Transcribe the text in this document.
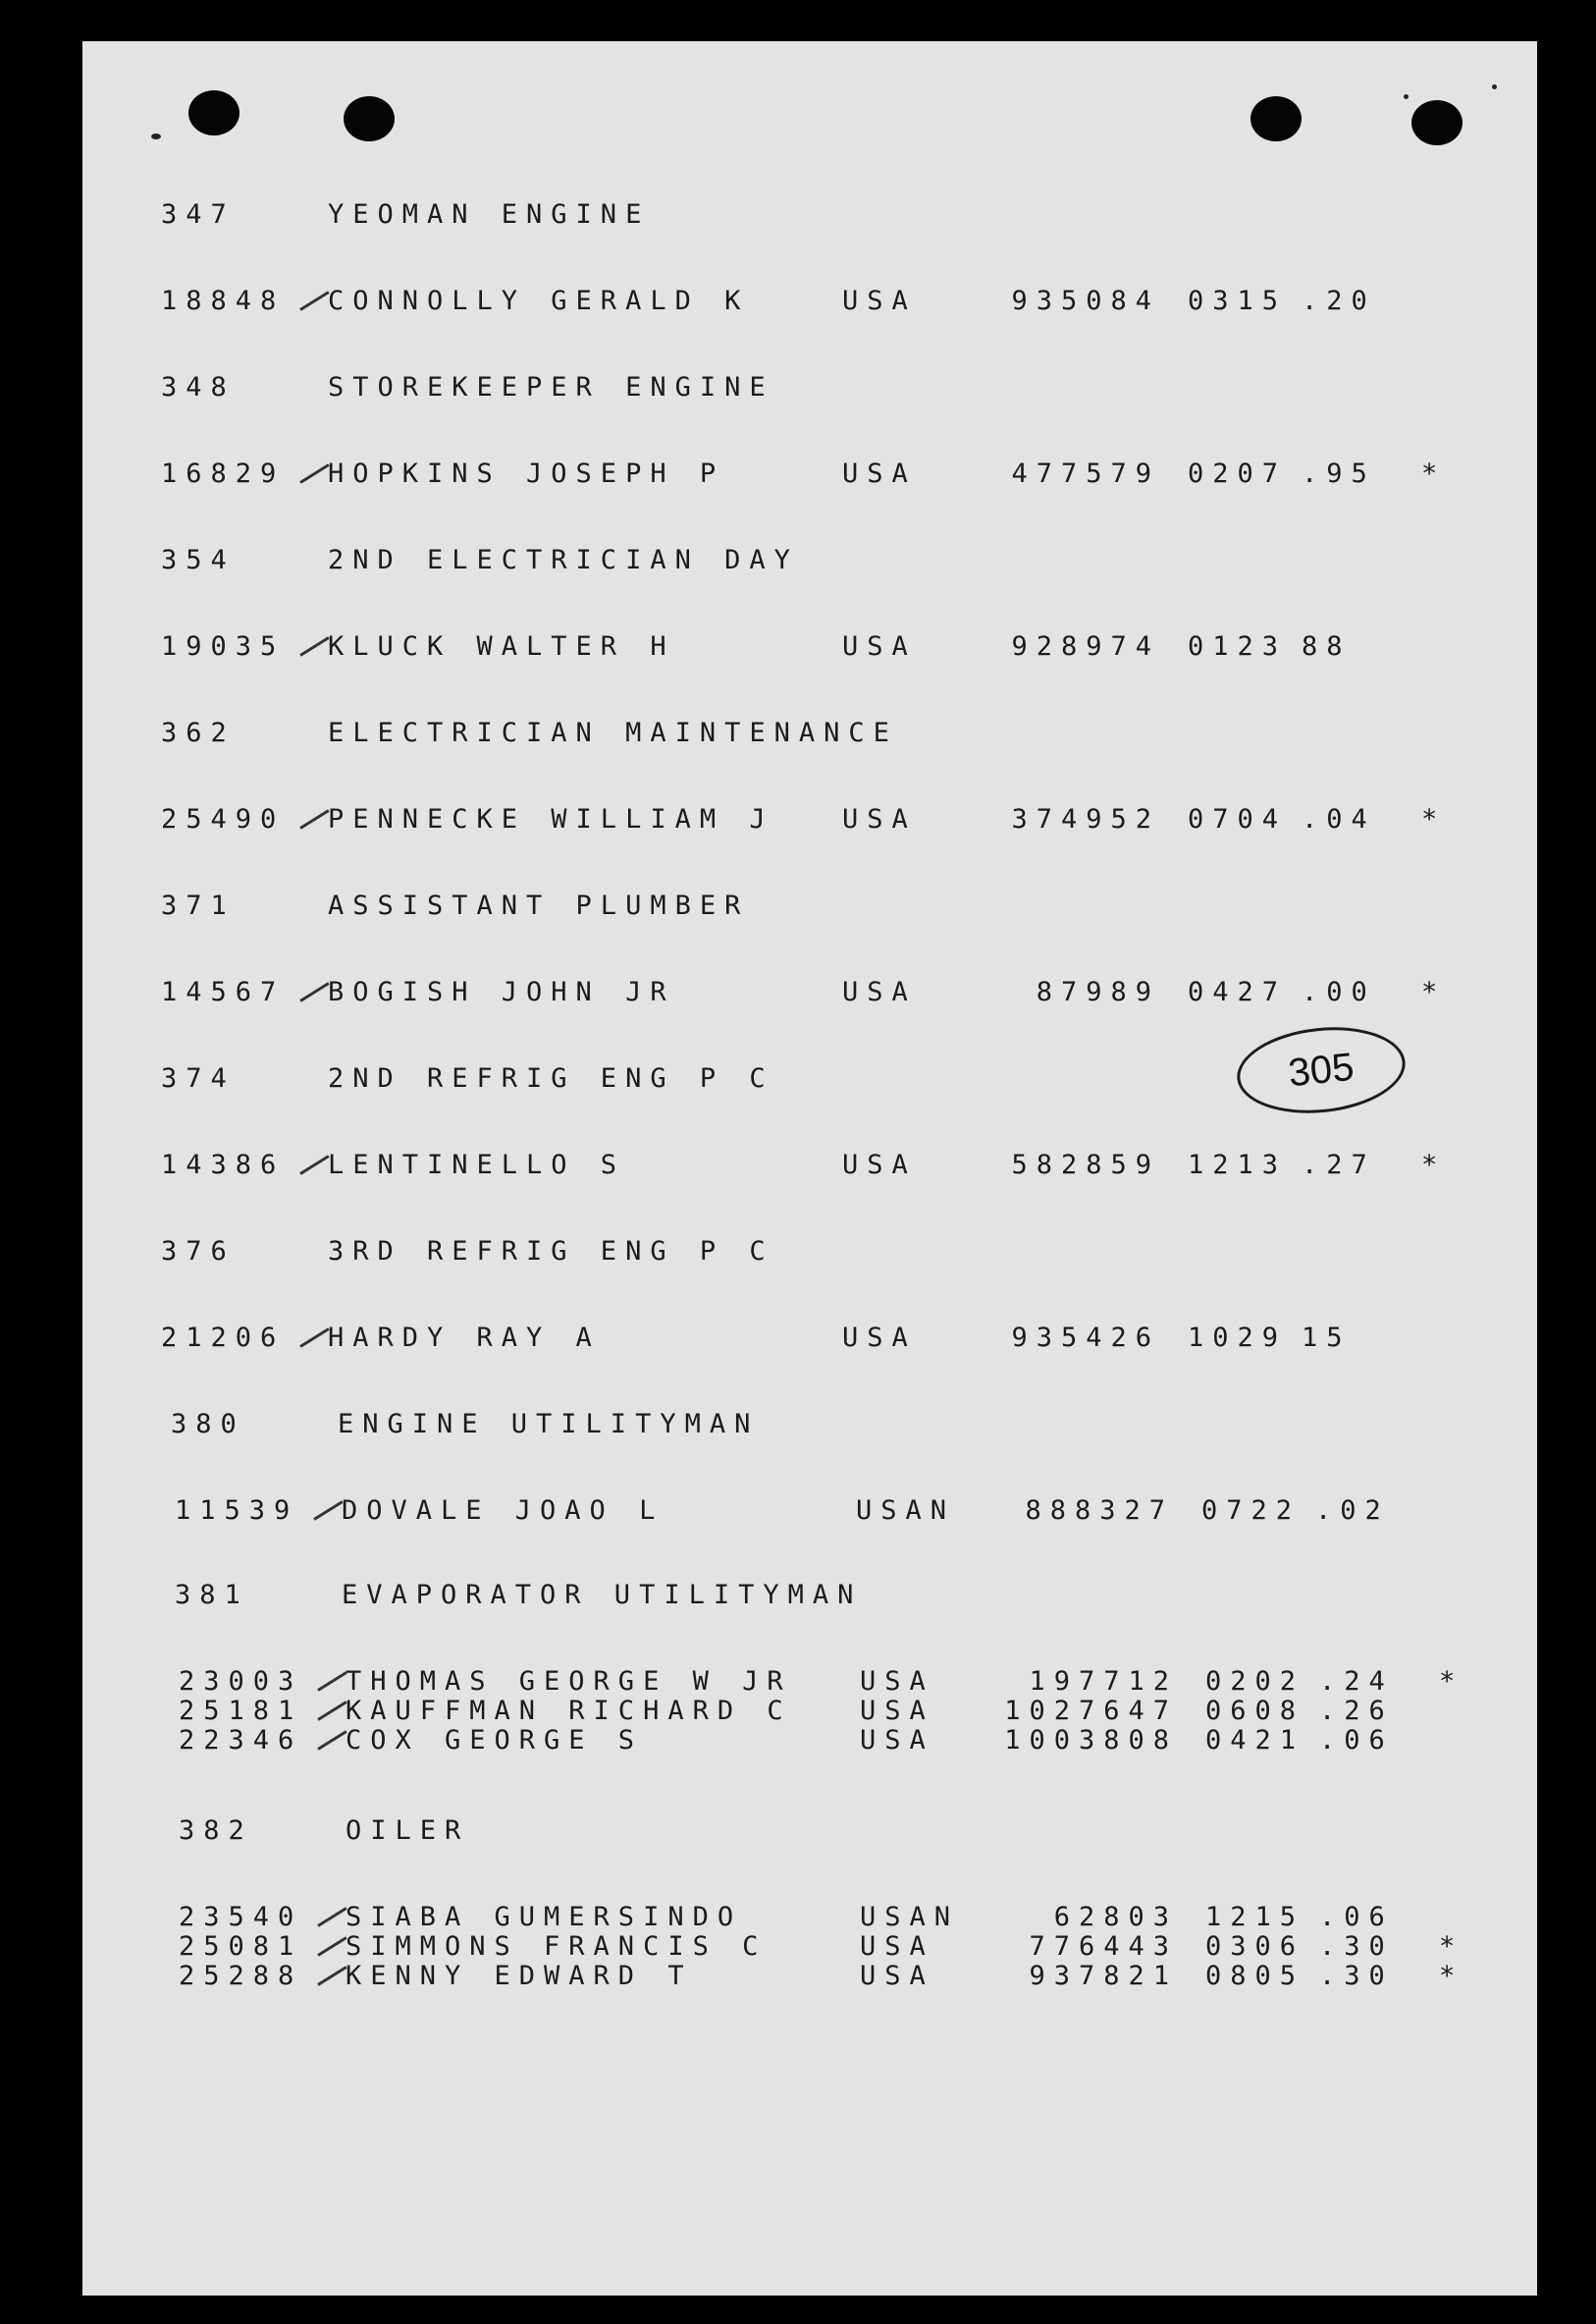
347	YEOMAN ENGINE
18848 CONNOLLY GERALD K	USA	935084 0315 .20
348	STOREKEEPER ENGINE
16829 HOPKINS JOSEPH P	USA	477579 0207 .95 *
354	2ND ELECTRICIAN DAY
19035 KLUCK WALTER H	USA	928974 0123 88
362	ELECTRICIAN MAINTENANCE
25490 PENNECKE WILLIAM J	USA	374952 0704 .04 *
371	ASSISTANT PLUMBER
14567 BOGISH JOHN JR	USA	87989 0427 .00 *
374	2ND REFRIG ENG P C
14386 LENTINELLO S	USA	582859 1213 .27 *
376	3RD REFRIG ENG P C
21206 HARDY RAY A	USA	935426 1029 15
380	ENGINE UTILITYMAN
11539 DOVALE JOAO L	USAN	888327 0722 .02
381	EVAPORATOR UTILITYMAN
23003 THOMAS GEORGE W JR	USA	197712 0202 .24 *
25181 KAUFFMAN RICHARD C	USA	1027647 0608 .26
22346 COX GEORGE S	USA	1003808 0421 .06
382	OILER
23540 SIABA GUMERSINDO	USAN	62803 1215 .06
25081 SIMMONS FRANCIS C	USA	776443 0306 .30 *
25288 KENNY EDWARD T	USA	937821 0805 .30 *
305
